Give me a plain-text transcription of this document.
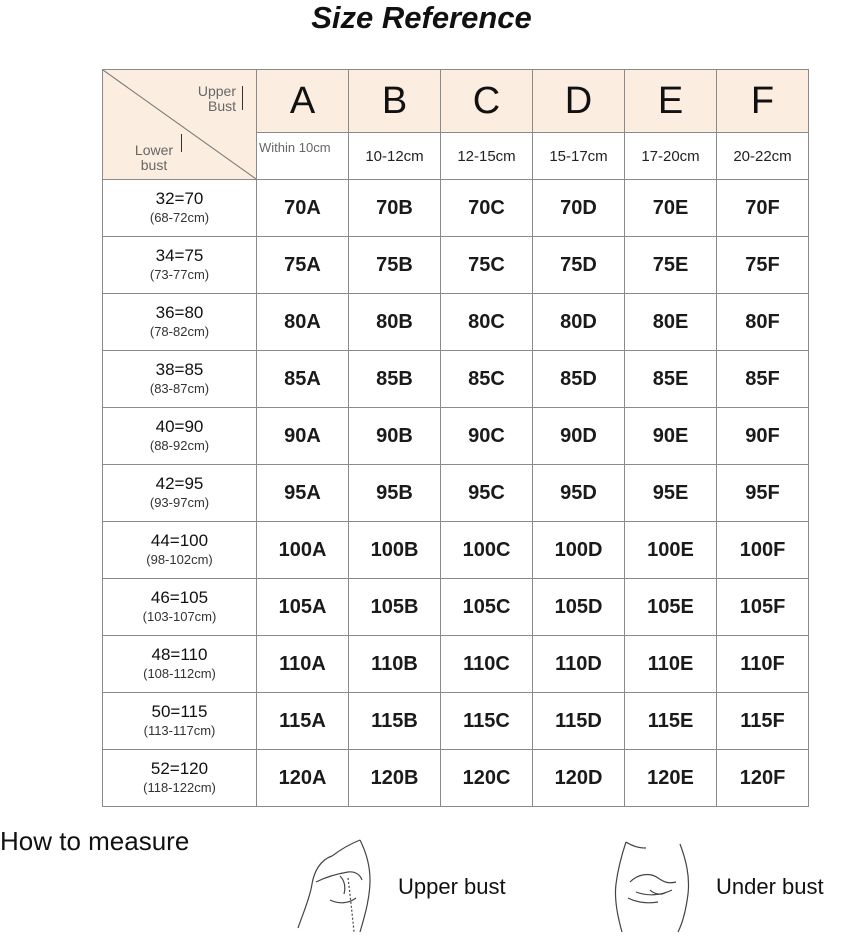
Size Reference
Upper Bust
Lower bust	A	B	C	D	E	F
	Within 10cm	10-12cm	12-15cm	15-17cm	17-20cm	20-22cm
32=70
(68-72cm)	70A	70B	70C	70D	70E	70F
34=75
(73-77cm)	75A	75B	75C	75D	75E	75F
36=80
(78-82cm)	80A	80B	80C	80D	80E	80F
38=85
(83-87cm)	85A	85B	85C	85D	85E	85F
40=90
(88-92cm)	90A	90B	90C	90D	90E	90F
42=95
(93-97cm)	95A	95B	95C	95D	95E	95F
44=100
(98-102cm)	100A	100B	100C	100D	100E	100F
46=105
(103-107cm)	105A	105B	105C	105D	105E	105F
48=110
(108-112cm)	110A	110B	110C	110D	110E	110F
50=115
(113-117cm)	115A	115B	115C	115D	115E	115F
52=120
(118-122cm)	120A	120B	120C	120D	120E	120F
How to measure
Upper bust	Under bust
